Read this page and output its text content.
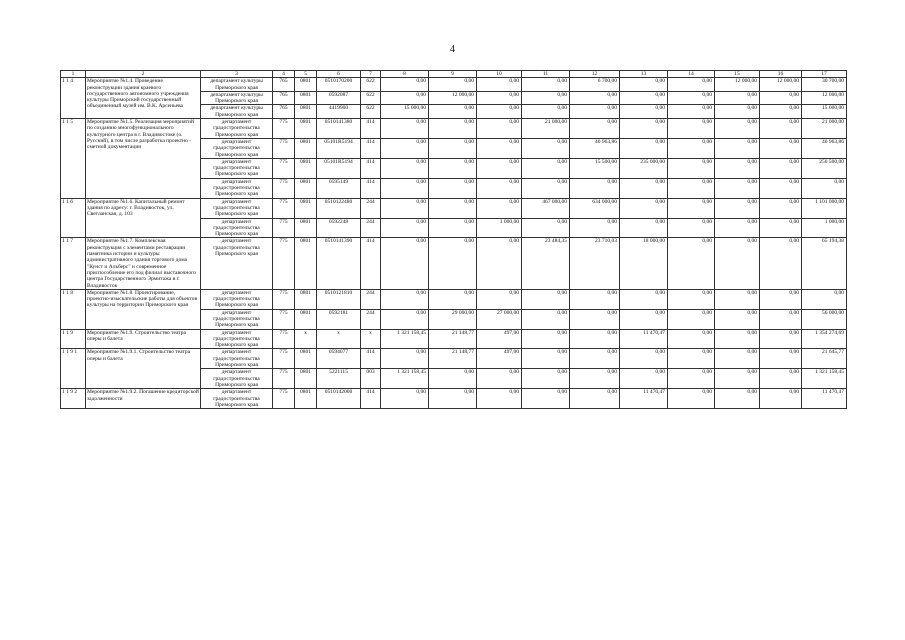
4
1	2	3	4	5	6	7	8	9	10	11	12	13	14	15	16	17
1 1 4	Мероприятие №1.4. Проведение реконструкции здания краевого государственного автономного учреждения культуры Приморский государственный объединенный музей им. В.К. Арсеньева	департамент культуры Приморского края	765	0801	0510170200	622	0,00	0,00	0,00	0,00	6 700,00	0,00	0,00	12 000,00	12 000,00	30 700,00
		департамент культуры Приморского края	765	0801	0592087	622	0,00	12 000,00	0,00	0,00	0,00	0,00	0,00	0,00	0,00	12 000,00
		департамент культуры Приморского края	765	0801	4419900	622	15 000,00	0,00	0,00	0,00	0,00	0,00	0,00	0,00	0,00	15 000,00
1 1 5	Мероприятие №1.5. Реализация мероприятий по созданию многофункционального культурного центра в г. Владивостоке (о. Русский), в том числе разработка проектно - сметной документации	департамент градостроительства Приморского края	775	0801	0510141380	414	0,00	0,00	0,00	21 000,00	0,00	0,00	0,00	0,00	0,00	21 000,00
		департамент градостроительства Приморского края	775	0801	05101R5194	414	0,00	0,00	0,00	0,00	40 963,86	0,00	0,00	0,00	0,00	40 963,86
		департамент градостроительства Приморского края	775	0801	05101R5194	414	0,00	0,00	0,00	0,00	15 500,00	235 000,00	0,00	0,00	0,00	250 500,00
		департамент градостроительства Приморского края	775	0801	0595149	414	0,00	0,00	0,00	0,00	0,00	0,00	0,00	0,00	0,00	0,00
1 1 6	Мероприятие №1.6. Капитальный ремонт здания по адресу: г. Владивосток, ул. Светланская, д. 103	департамент градостроительства Приморского края	775	0801	0510122480	244	0,00	0,00	0,00	467 000,00	634 000,00	0,00	0,00	0,00	0,00	1 101 000,00
		департамент градостроительства Приморского края	775	0801	0592248	244	0,00	0,00	1 000,00	0,00	0,00	0,00	0,00	0,00	0,00	1 000,00
1 1 7	Мероприятие №1.7. Комплексная реконструкция с элементами реставрации памятника истории и культуры административного здания торгового дома "Кунст и Альберс" и современное приспособление его под филиал выставочного центра Государственного Эрмитажа в г. Владивосток	департамент градостроительства Приморского края	775	0801	0510141390	414	0,00	0,00	0,00	23 484,35	23 710,03	18 000,00	0,00	0,00	0,00	65 194,38
1 1 8	Мероприятие №1.8. Проектирование, проектно-изыскательские работы для объектов культуры на территории Приморского края	департамент градостроительства Приморского края	775	0801	0510121810	244	0,00	0,00	0,00	0,00	0,00	0,00	0,00	0,00	0,00	0,00
		департамент градостроительства Приморского края	775	0801	0592181	244	0,00	29 000,00	27 000,00	0,00	0,00	0,00	0,00	0,00	0,00	56 000,00
1 1 9	Мероприятие №1.9. Строительство театра оперы и балета	департамент градостроительства Приморского края	775	х	х	х	1 321 158,45	21 148,77	497,00	0,00	0,00	11 470,47	0,00	0,00	0,00	1 354 274,69
1 1 9 1	Мероприятие №1.9.1. Строительство театра оперы и балета	департамент градостроительства Приморского края	775	0801	0594077	414	0,00	21 148,77	497,00	0,00	0,00	0,00	0,00	0,00	0,00	21 645,77
		департамент градостроительства Приморского края	775	0801	5221115	003	1 321 158,45	0,00	0,00	0,00	0,00	0,00	0,00	0,00	0,00	1 321 158,45
1 1 9 2	Мероприятие №1.9.2. Погашение кредиторской задолженности	департамент градостроительства Приморского края	775	0801	0510142000	414	0,00	0,00	0,00	0,00	0,00	11 470,47	0,00	0,00	0,00	11 470,47
